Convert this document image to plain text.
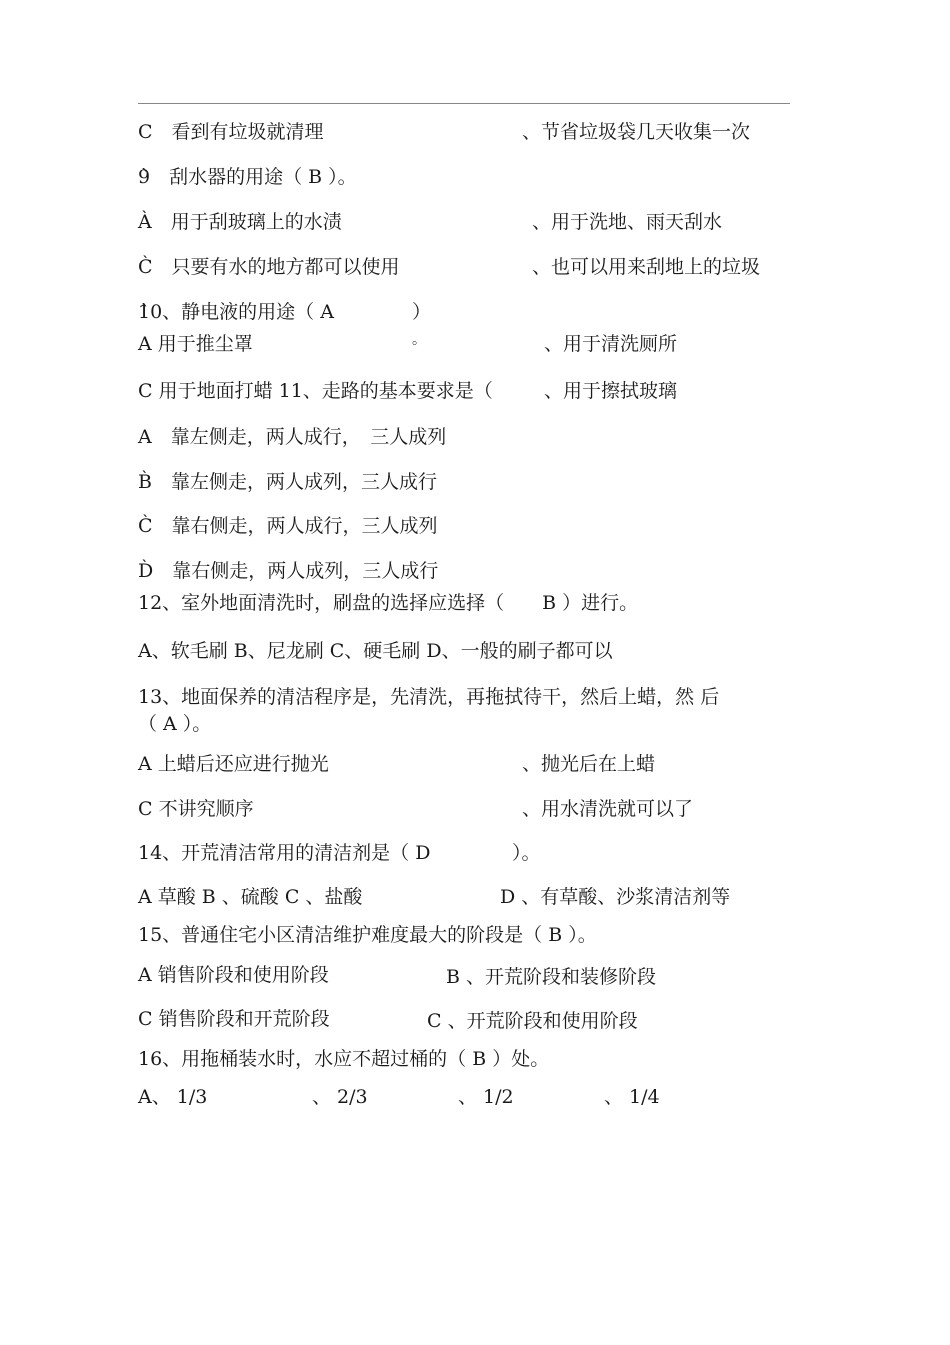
C　看到有垃圾就清理	、节省垃圾袋几天收集一次
9̀　刮水器的用途（ B ）。
À　用于刮玻璃上的水渍	、用于洗地、雨天刮水
C̀　只要有水的地方都可以使用	、也可以用来刮地上的垃圾
1̀0、静电液的用途（ A	）
A 用于推尘罩	。	、用于清洗厕所
C 用于地面打蜡 11、走路的基本要求是（	、用于擦拭玻璃
A　靠左侧走，两人成行，　三人成列
B̀　靠左侧走，两人成列，三人成行
C̀　靠右侧走，两人成行，三人成列
D̀　靠右侧走，两人成列，三人成行
12、室外地面清洗时，刷盘的选择应选择（　　B ）进行。
A、软毛刷 B、尼龙刷 C、硬毛刷 D、一般的刷子都可以
13、地面保养的清洁程序是，先清洗，再拖拭待干，然后上蜡，然 后
（ A ）。
A 上蜡后还应进行抛光	、抛光后在上蜡
C 不讲究顺序	、用水清洗就可以了
14、开荒清洁常用的清洁剂是（ D	）。
A 草酸 B 、硫酸 C 、盐酸	D 、有草酸、沙浆清洁剂等
15、普通住宅小区清洁维护难度最大的阶段是（ B ）。
A 销售阶段和使用阶段	B 、开荒阶段和装修阶段
C 销售阶段和开荒阶段	C 、开荒阶段和使用阶段
16、用拖桶装水时，水应不超过桶的（ B ）处。
A、 1/3	、 2/3	、 1/2	、 1/4
